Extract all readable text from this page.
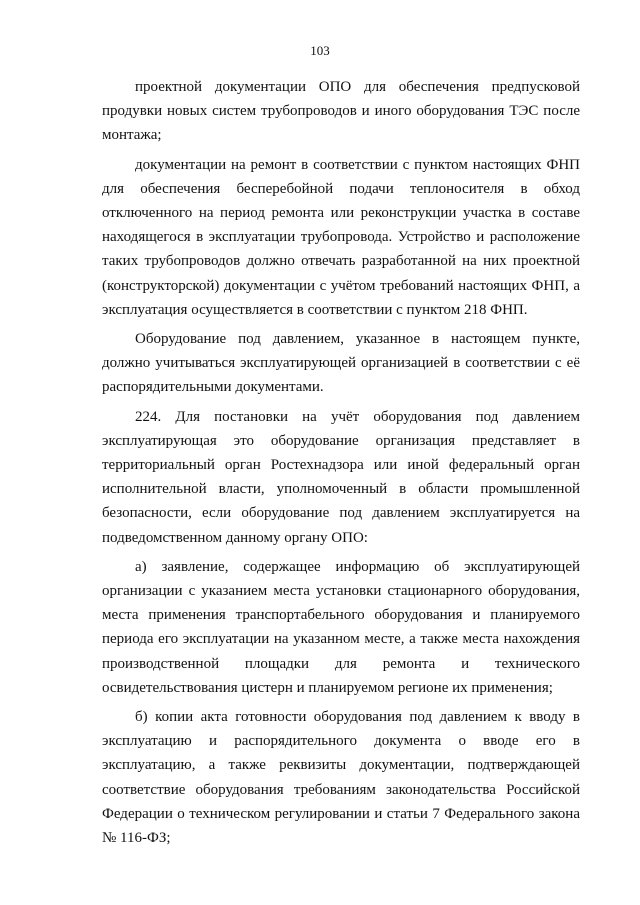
103

проектной документации ОПО для обеспечения предпусковой продувки новых систем трубопроводов и иного оборудования ТЭС после монтажа;

документации на ремонт в соответствии с пунктом настоящих ФНП для обеспечения бесперебойной подачи теплоносителя в обход отключенного на период ремонта или реконструкции участка в составе находящегося в эксплуатации трубопровода. Устройство и расположение таких трубопроводов должно отвечать разработанной на них проектной (конструкторской) документации с учётом требований настоящих ФНП, а эксплуатация осуществляется в соответствии с пунктом 218 ФНП.

Оборудование под давлением, указанное в настоящем пункте, должно учитываться эксплуатирующей организацией в соответствии с её распорядительными документами.

224. Для постановки на учёт оборудования под давлением эксплуатирующая это оборудование организация представляет в территориальный орган Ростехнадзора или иной федеральный орган исполнительной власти, уполномоченный в области промышленной безопасности, если оборудование под давлением эксплуатируется на подведомственном данному органу ОПО:

а) заявление, содержащее информацию об эксплуатирующей организации с указанием места установки стационарного оборудования, места применения транспортабельного оборудования и планируемого периода его эксплуатации на указанном месте, а также места нахождения производственной площадки для ремонта и технического освидетельствования цистерн и планируемом регионе их применения;

б) копии акта готовности оборудования под давлением к вводу в эксплуатацию и распорядительного документа о вводе его в эксплуатацию, а также реквизиты документации, подтверждающей соответствие оборудования требованиям законодательства Российской Федерации о техническом регулировании и статьи 7 Федерального закона № 116-ФЗ;
